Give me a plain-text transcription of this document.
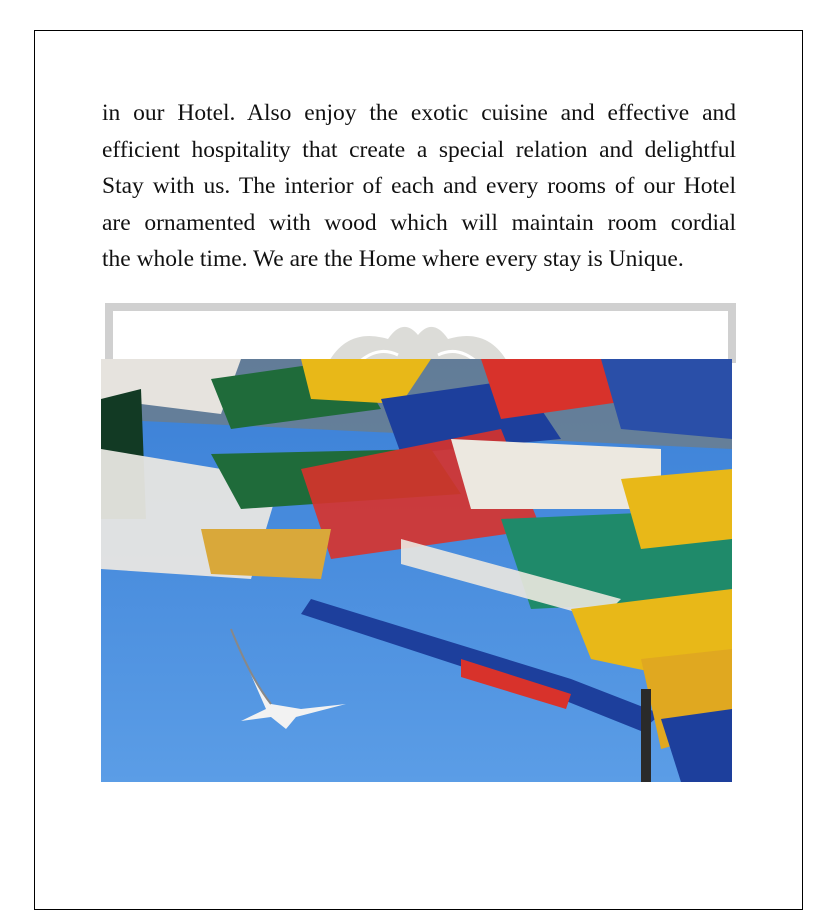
in our Hotel. Also enjoy the exotic cuisine and effective and
efficient hospitality that create a special relation and delightful
Stay with us. The interior of each and every rooms of our Hotel
are ornamented with wood which will maintain room cordial
the whole time. We are the Home where every stay is Unique.
